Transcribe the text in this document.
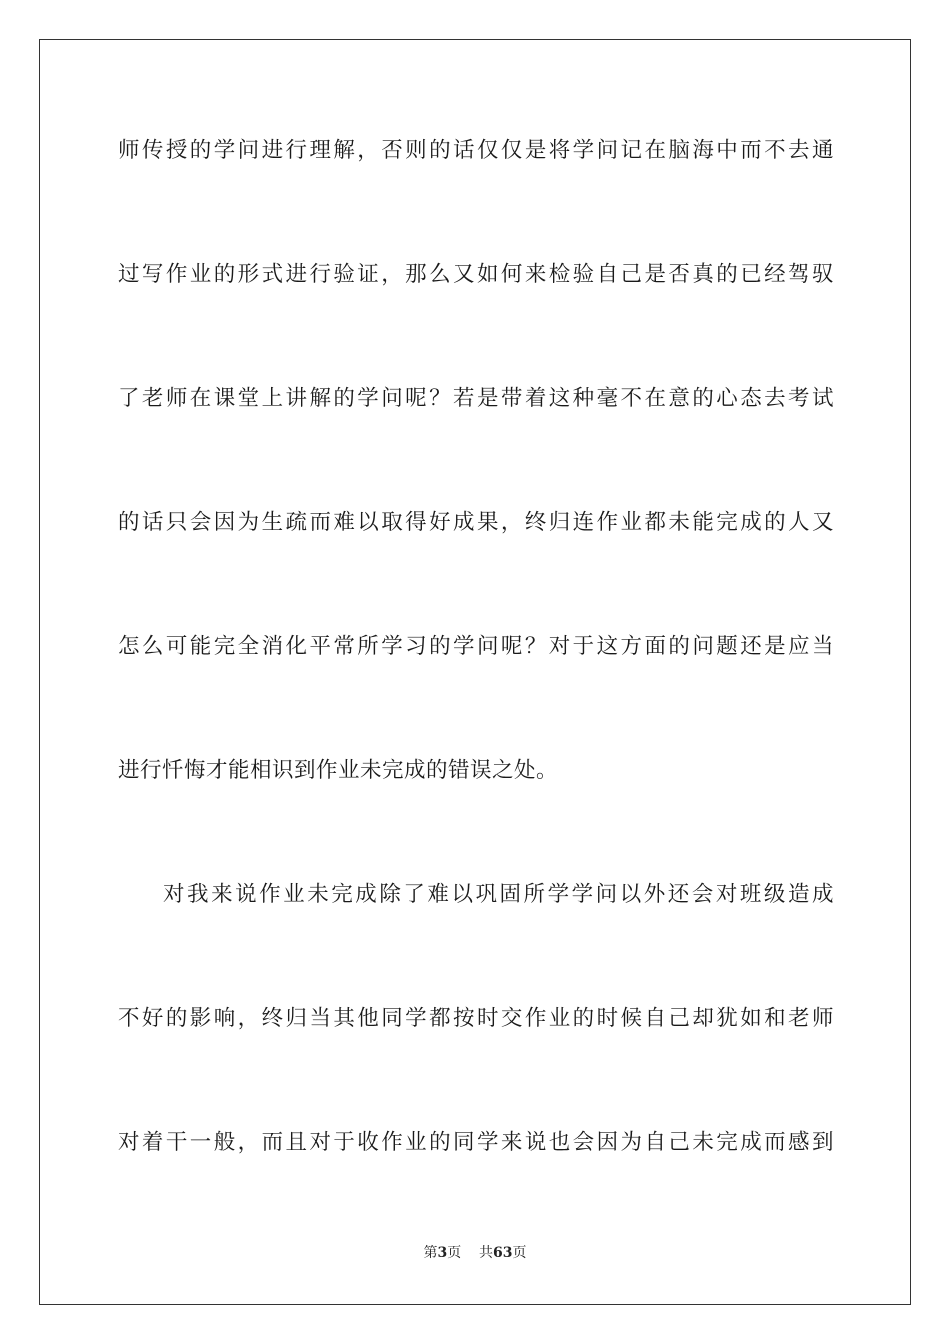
师传授的学问进行理解，否则的话仅仅是将学问记在脑海中而不去通
过写作业的形式进行验证，那么又如何来检验自己是否真的已经驾驭
了老师在课堂上讲解的学问呢？若是带着这种毫不在意的心态去考试
的话只会因为生疏而难以取得好成果，终归连作业都未能完成的人又
怎么可能完全消化平常所学习的学问呢？对于这方面的问题还是应当
进行忏悔才能相识到作业未完成的错误之处。
对我来说作业未完成除了难以巩固所学学问以外还会对班级造成
不好的影响，终归当其他同学都按时交作业的时候自己却犹如和老师
对着干一般，而且对于收作业的同学来说也会因为自己未完成而感到
第3页 共63页
